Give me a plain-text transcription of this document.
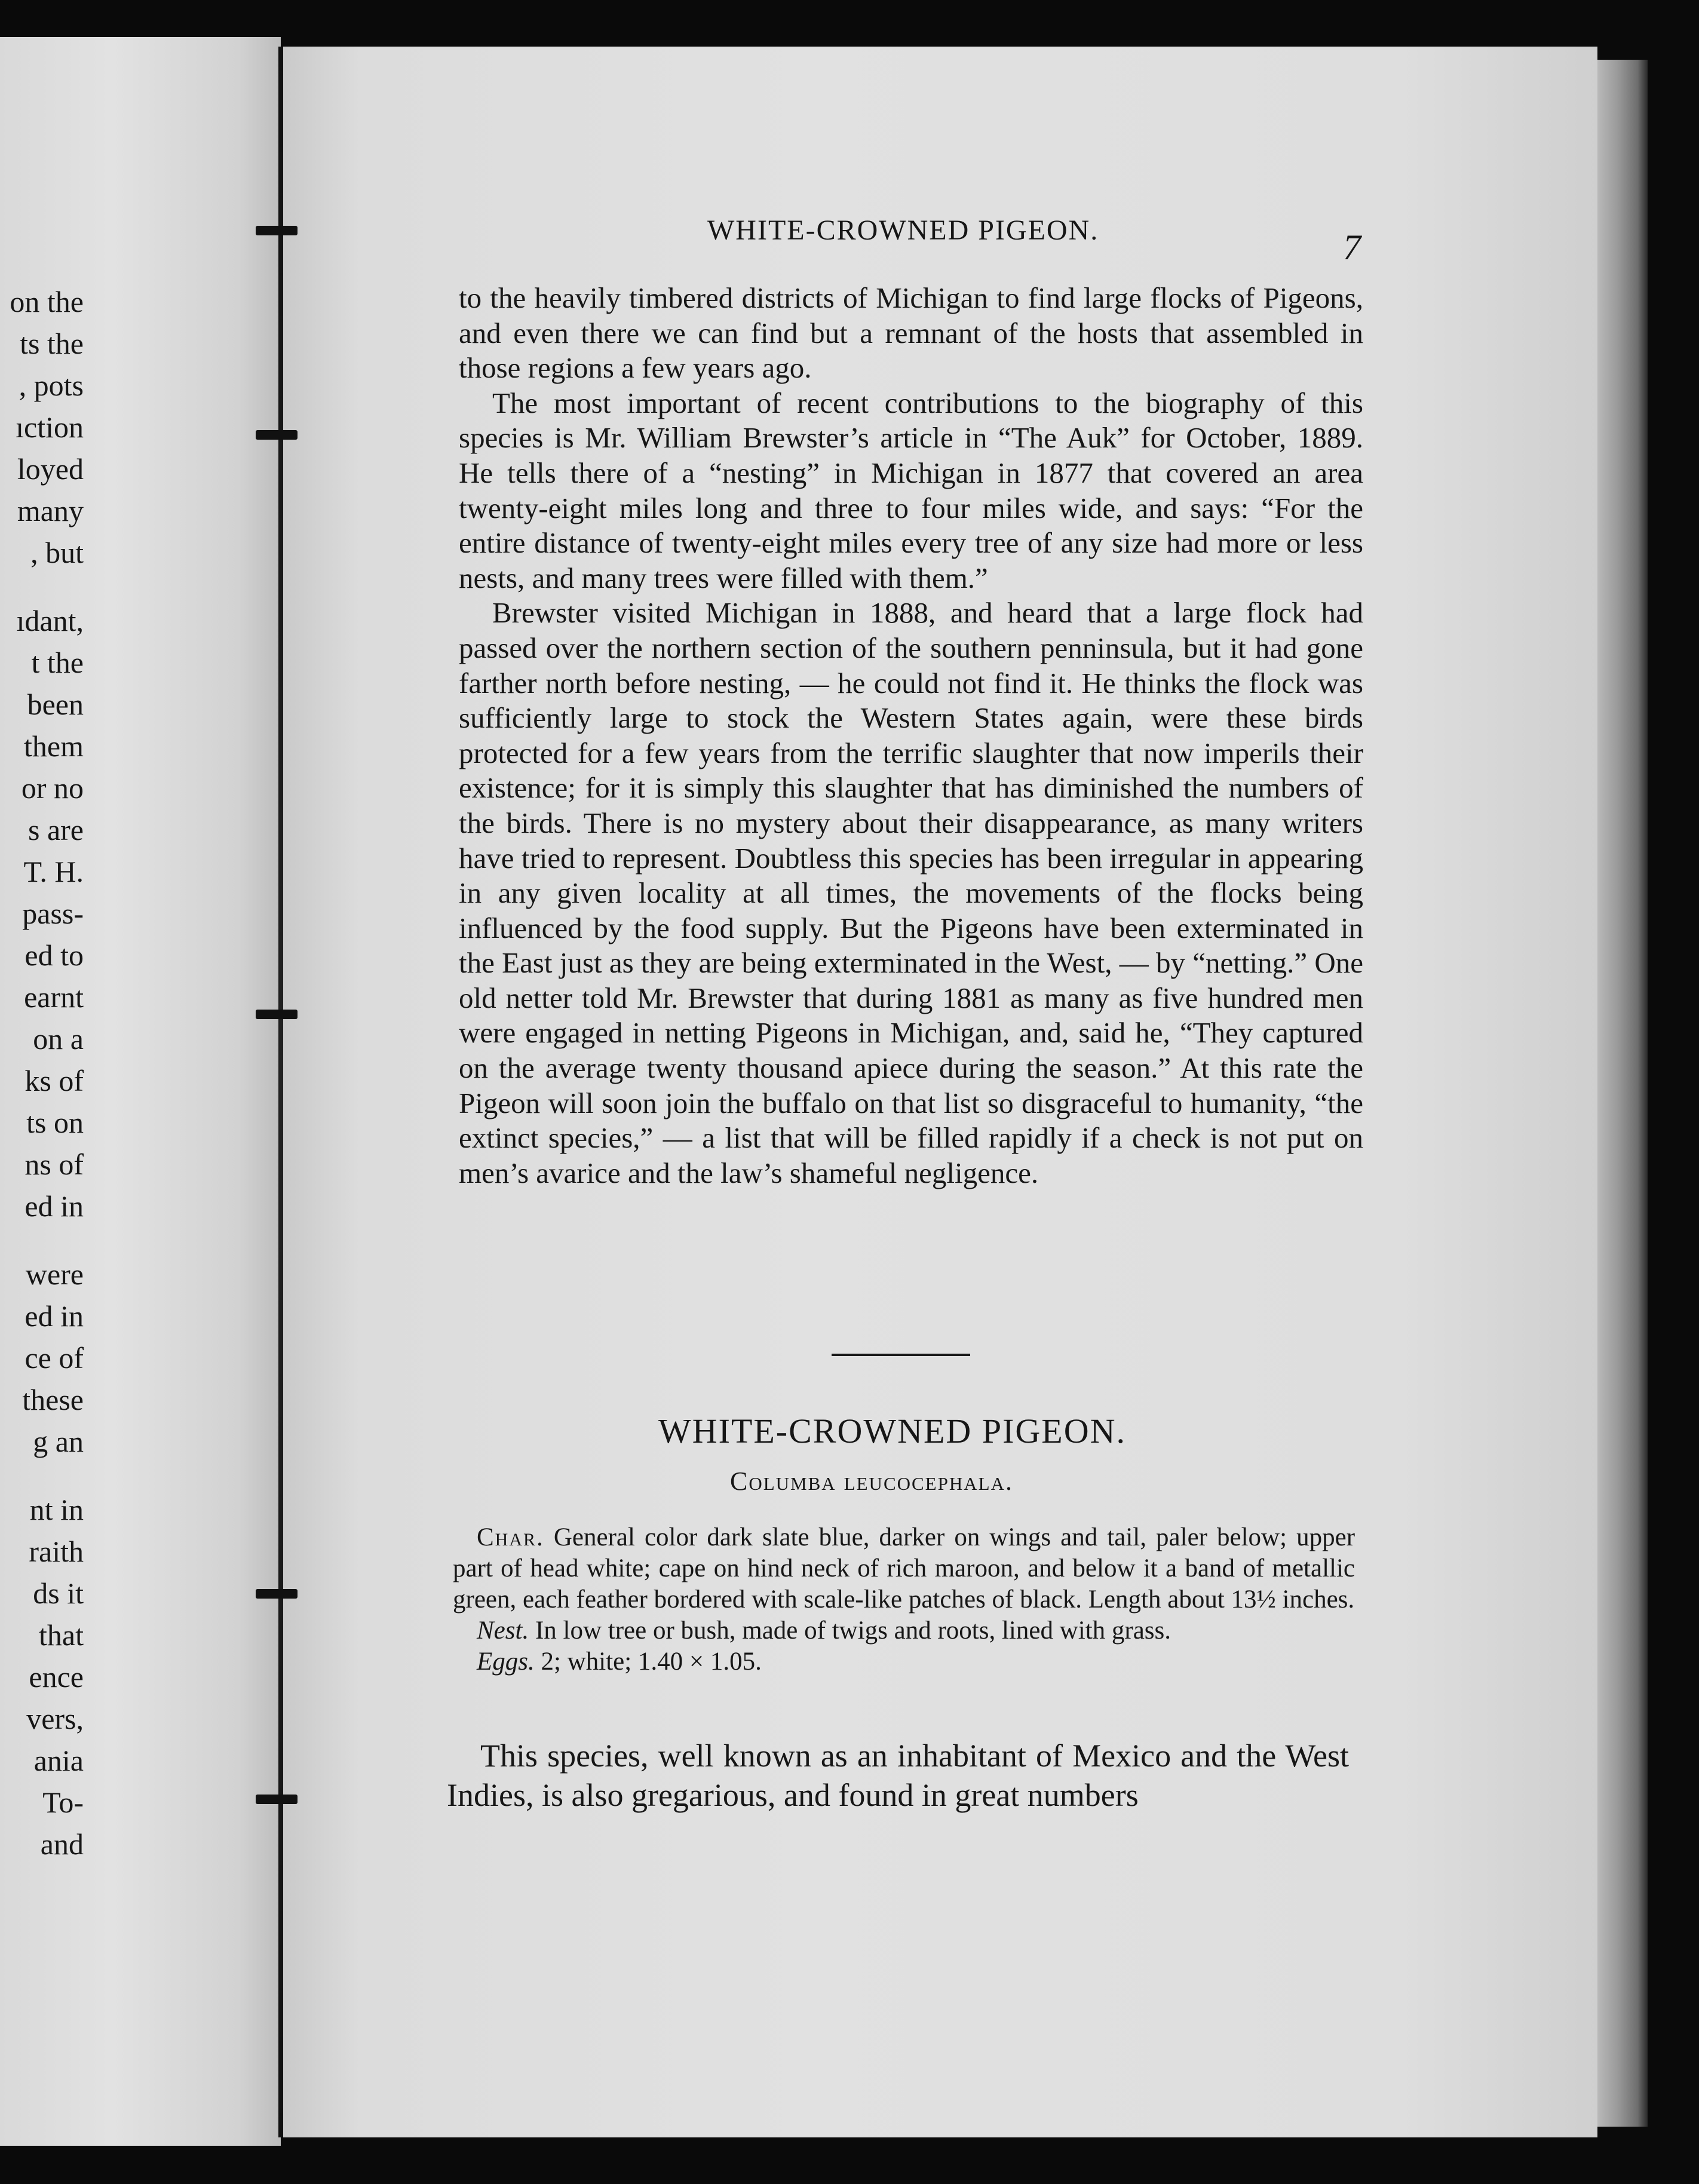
on the
ts the
, pots
ıction
loyed
many
, but
ıdant,
t the
been
them
or no
s are
T. H.
pass-
ed to
earnt
on a
ks of
ts on
ns of
ed in
were
ed in
ce of
these
g an
nt in
raith
ds it
that
ence
vers,
ania
To-
and
WHITE-CROWNED PIGEON.	7

to the heavily timbered districts of Michigan to find large flocks of Pigeons, and even there we can find but a remnant of the hosts that assembled in those regions a few years ago.

The most important of recent contributions to the biography of this species is Mr. William Brewster’s article in “The Auk” for October, 1889. He tells there of a “nesting” in Michigan in 1877 that covered an area twenty-eight miles long and three to four miles wide, and says: “For the entire distance of twenty-eight miles every tree of any size had more or less nests, and many trees were filled with them.”

Brewster visited Michigan in 1888, and heard that a large flock had passed over the northern section of the southern penninsula, but it had gone farther north before nesting, — he could not find it. He thinks the flock was sufficiently large to stock the Western States again, were these birds protected for a few years from the terrific slaughter that now imperils their existence; for it is simply this slaughter that has diminished the numbers of the birds. There is no mystery about their disappearance, as many writers have tried to represent. Doubtless this species has been irregular in appearing in any given locality at all times, the movements of the flocks being influenced by the food supply. But the Pigeons have been exterminated in the East just as they are being exterminated in the West, — by “netting.” One old netter told Mr. Brewster that during 1881 as many as five hundred men were engaged in netting Pigeons in Michigan, and, said he, “They captured on the average twenty thousand apiece during the season.” At this rate the Pigeon will soon join the buffalo on that list so disgraceful to humanity, “the extinct species,” — a list that will be filled rapidly if a check is not put on men’s avarice and the law’s shameful negligence.

WHITE-CROWNED PIGEON.
Columba leucocephala.

Char. General color dark slate blue, darker on wings and tail, paler below; upper part of head white; cape on hind neck of rich maroon, and below it a band of metallic green, each feather bordered with scale-like patches of black. Length about 13½ inches.

Nest. In low tree or bush, made of twigs and roots, lined with grass.

Eggs. 2; white; 1.40 × 1.05.

This species, well known as an inhabitant of Mexico and the West Indies, is also gregarious, and found in great numbers
